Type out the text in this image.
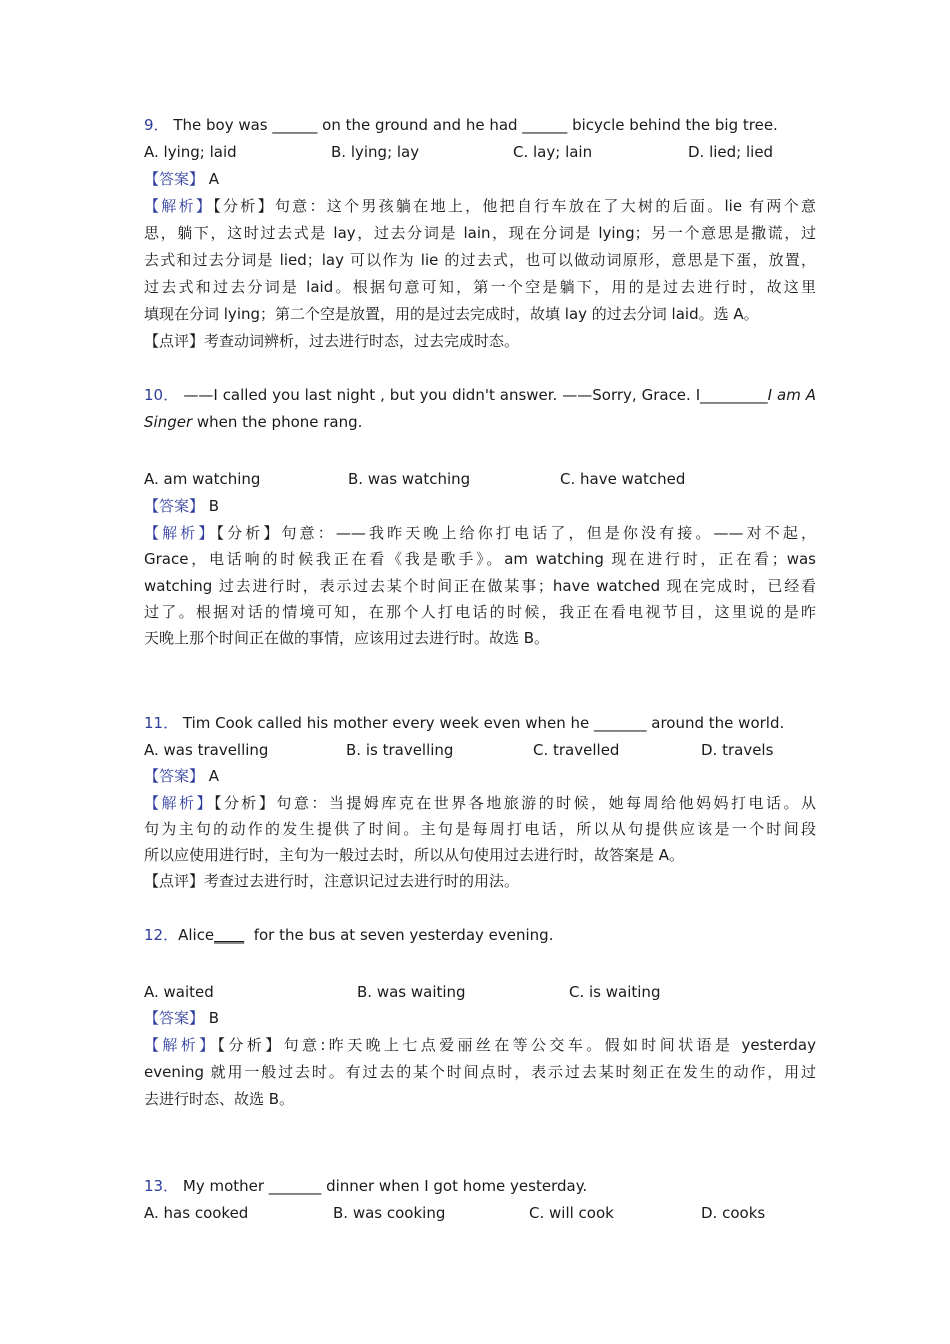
9． The boy was ______ on the ground and he had ______ bicycle behind the big tree.
A. lying; laid	B. lying; lay	C. lay; lain	D. lied; lied
【答案】 A
【解析】【分析】句意：这个男孩躺在地上，他把自行车放在了大树的后面。lie 有两个意
思，躺下，这时过去式是 lay，过去分词是 lain，现在分词是 lying；另一个意思是撒谎，过
去式和过去分词是 lied；lay 可以作为 lie 的过去式，也可以做动词原形，意思是下蛋，放置，
过去式和过去分词是 laid。根据句意可知，第一个空是躺下，用的是过去进行时，故这里
填现在分词 lying；第二个空是放置，用的是过去完成时，故填 lay 的过去分词 laid。选 A。
【点评】考查动词辨析，过去进行时态，过去完成时态。
10． ——I called you last night , but you didn't answer. ——Sorry, Grace. I_________I am A
Singer when the phone rang.
A. am watching	B. was watching	C. have watched
【答案】 B
【解析】【分析】句意：——我昨天晚上给你打电话了，但是你没有接。——对不起，
Grace，电话响的时候我正在看《我是歌手》。am watching 现在进行时，正在看；was
watching 过去进行时，表示过去某个时间正在做某事；have watched 现在完成时，已经看
过了。根据对话的情境可知，在那个人打电话的时候，我正在看电视节目，这里说的是昨
天晚上那个时间正在做的事情，应该用过去进行时。故选 B。
11． Tim Cook called his mother every week even when he _______ around the world.
A. was travelling	B. is travelling	C. travelled	D. travels
【答案】 A
【解析】【分析】句意：当提姆库克在世界各地旅游的时候，她每周给他妈妈打电话。从
句为主句的动作的发生提供了时间。主句是每周打电话，所以从句提供应该是一个时间段
所以应使用进行时，主句为一般过去时，所以从句使用过去进行时，故答案是 A。
【点评】考查过去进行时，注意识记过去进行时的用法。
12．Alice____  for the bus at seven yesterday evening.
A. waited	B. was waiting	C. is waiting
【答案】 B
【解析】【分析】句意:昨天晚上七点爱丽丝在等公交车。假如时间状语是 yesterday
evening 就用一般过去时。有过去的某个时间点时，表示过去某时刻正在发生的动作，用过
去进行时态、故选 B。
13． My mother _______ dinner when I got home yesterday.
A. has cooked	B. was cooking	C. will cook	D. cooks
